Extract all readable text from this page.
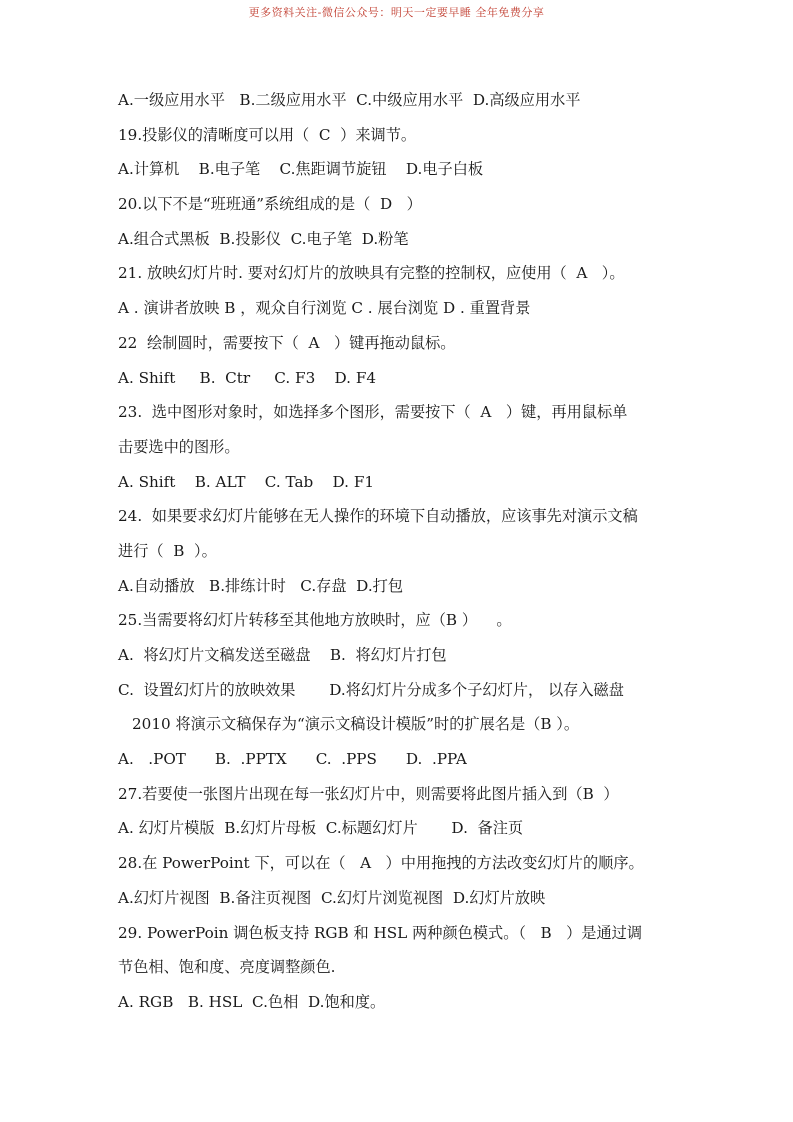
更多资料关注-微信公众号：明天一定要早睡 全年免费分享
A.一级应用水平   B.二级应用水平  C.中级应用水平  D.高级应用水平
19.投影仪的清晰度可以用（  C  ）来调节。
A.计算机    B.电子笔    C.焦距调节旋钮    D.电子白板
20.以下不是“班班通”系统组成的是（  D   ）
A.组合式黑板  B.投影仪  C.电子笔  D.粉笔
21. 放映幻灯片时. 要对幻灯片的放映具有完整的控制权，应使用（  A   ）。
A . 演讲者放映 B ，观众自行浏览 C . 展台浏览 D . 重置背景
22  绘制圆时，需要按下（  A   ）键再拖动鼠标。
A. Shift     B.  Ctr     C. F3    D. F4
23.  选中图形对象时，如选择多个图形，需要按下（  A   ）键，再用鼠标单
击要选中的图形。
A. Shift    B. ALT    C. Tab    D. F1
24.  如果要求幻灯片能够在无人操作的环境下自动播放，应该事先对演示文稿
进行（  B  ）。
A.自动播放   B.排练计时   C.存盘  D.打包
25.当需要将幻灯片转移至其他地方放映时，应（B ）    。
A.  将幻灯片文稿发送至磁盘    B.  将幻灯片打包
C.  设置幻灯片的放映效果       D.将幻灯片分成多个子幻灯片， 以存入磁盘
2010 将演示文稿保存为“演示文稿设计模版”时的扩展名是（B ）。
A.   .POT      B.  .PPTX      C.  .PPS      D.  .PPA
27.若要使一张图片出现在每一张幻灯片中，则需要将此图片插入到（B  ）
A. 幻灯片模版  B.幻灯片母板  C.标题幻灯片       D.  备注页
28.在 PowerPoint 下，可以在（   A   ）中用拖拽的方法改变幻灯片的顺序。
A.幻灯片视图  B.备注页视图  C.幻灯片浏览视图  D.幻灯片放映
29. PowerPoin 调色板支持 RGB 和 HSL 两种颜色模式。（   B   ）是通过调
节色相、饱和度、亮度调整颜色.
A. RGB   B. HSL  C.色相  D.饱和度。
